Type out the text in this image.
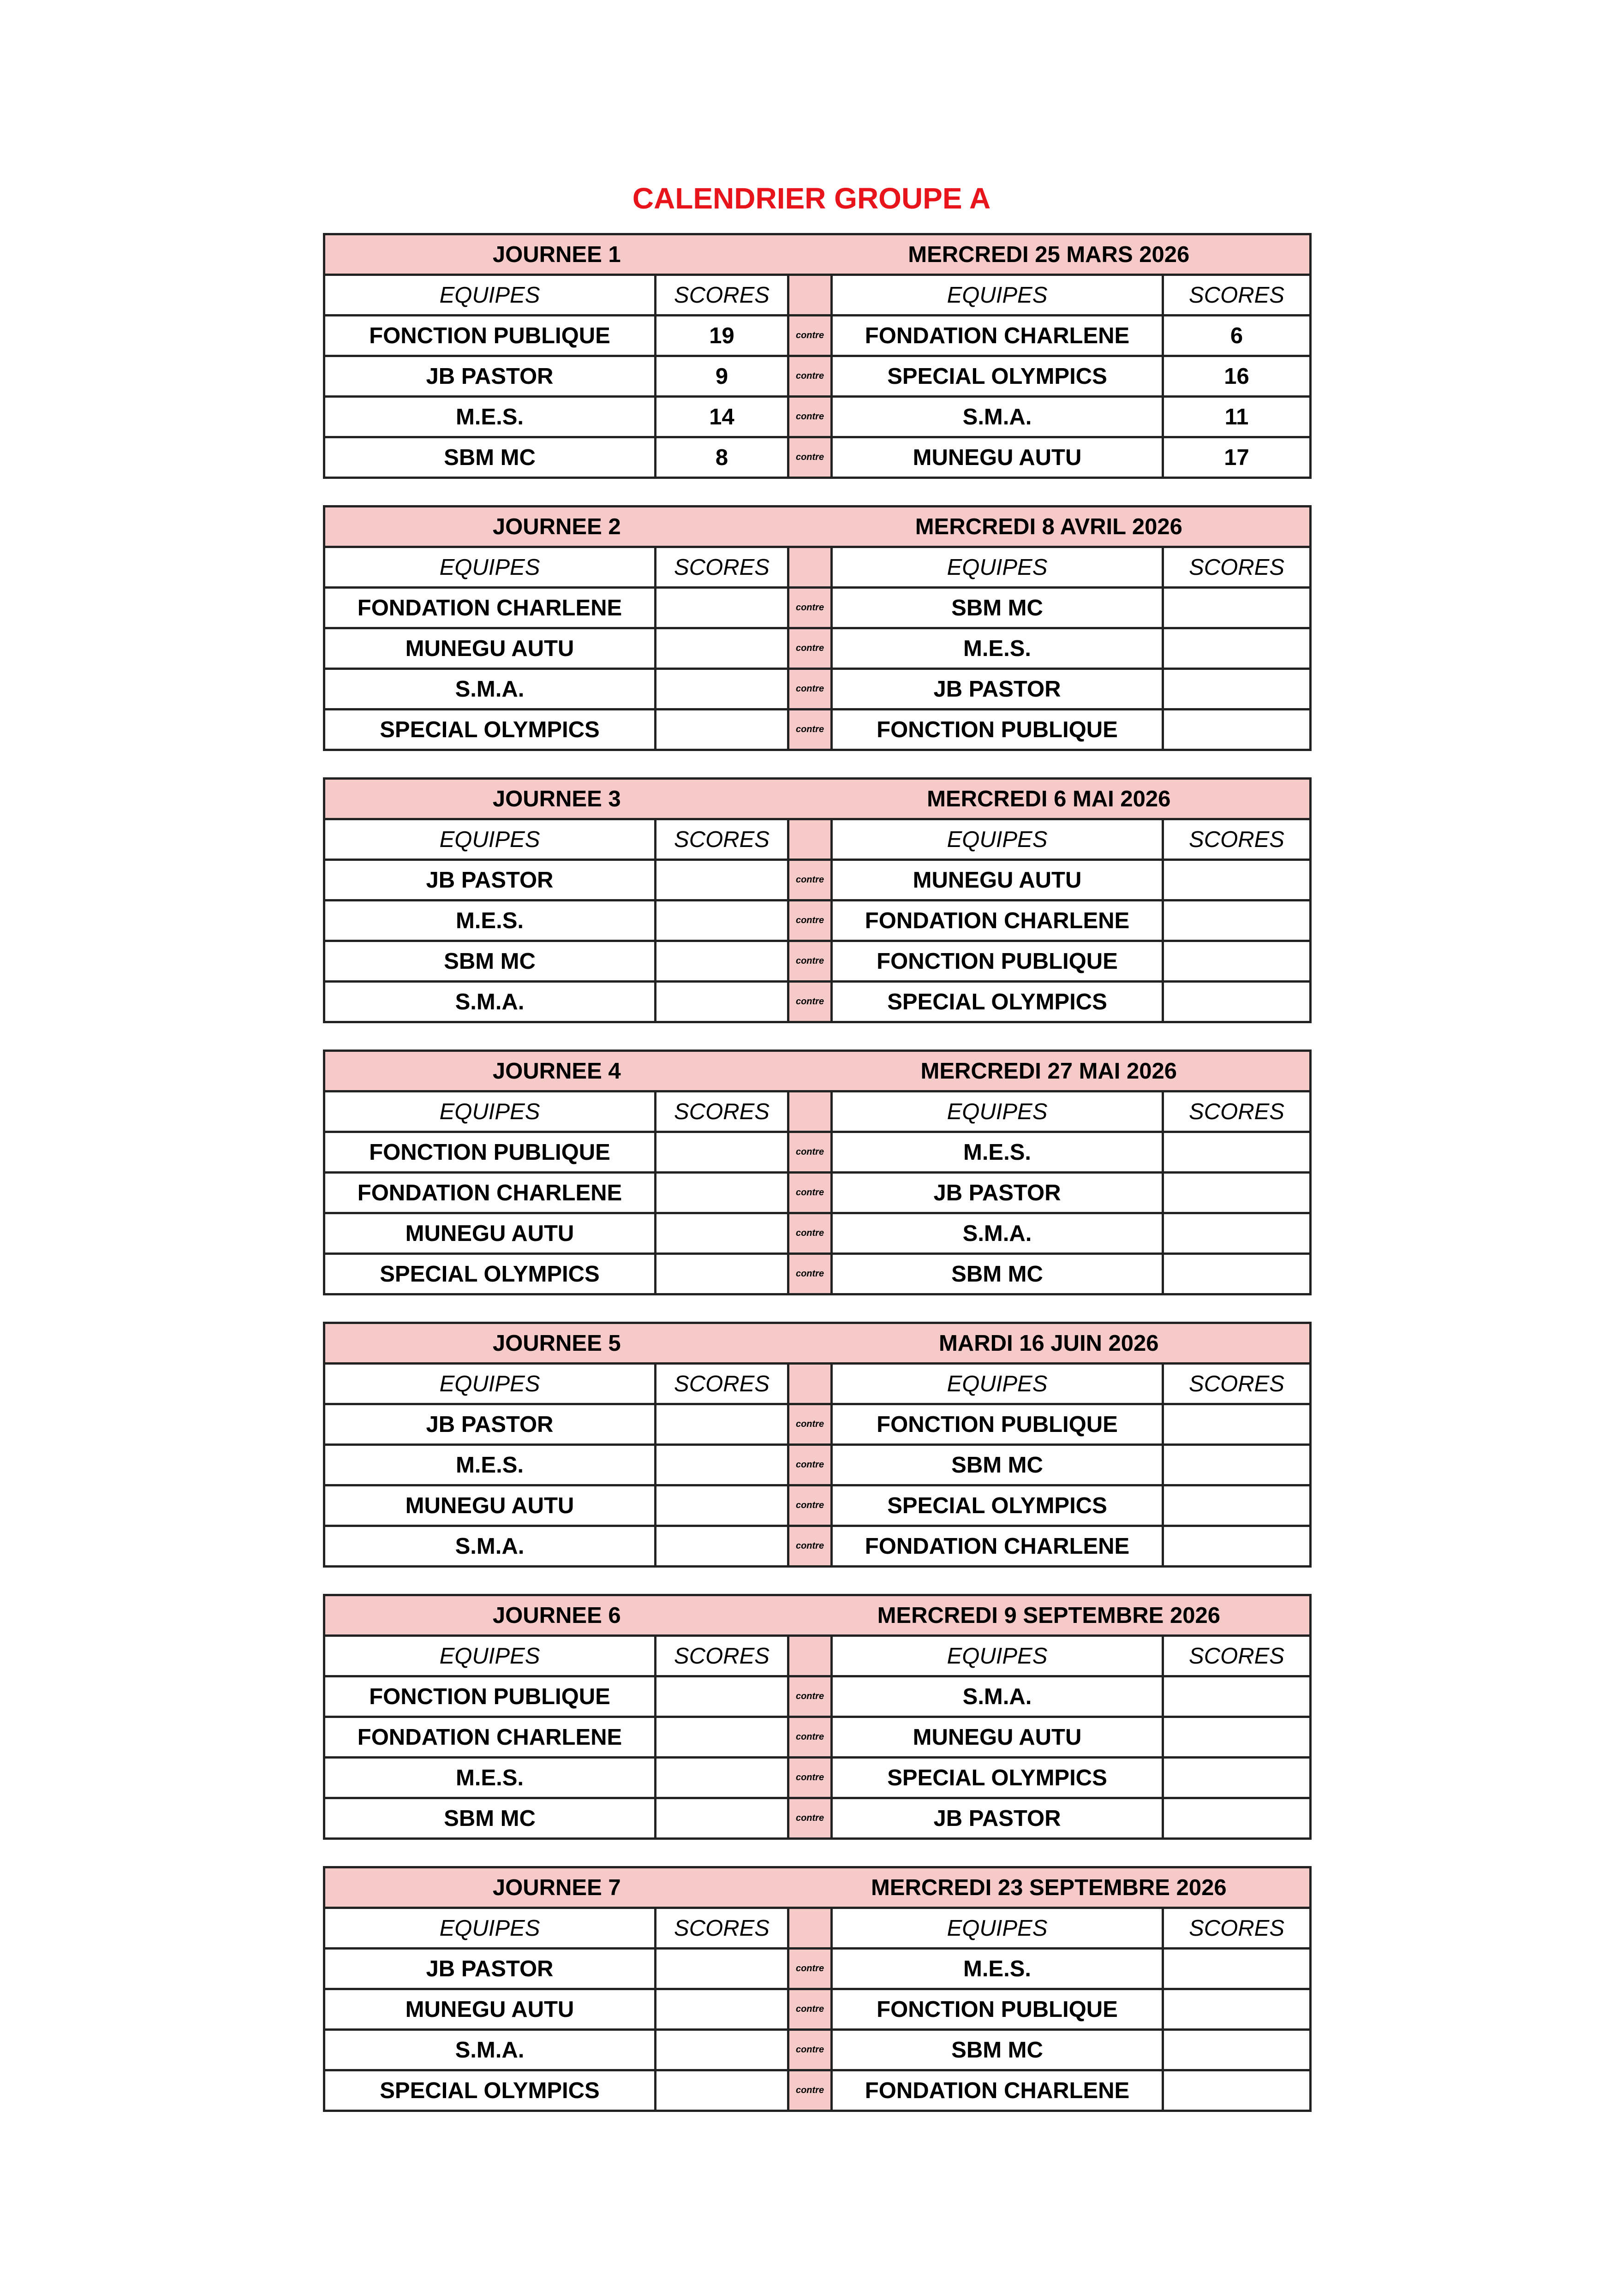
CALENDRIER GROUPE A
JOURNEE 1		MERCREDI 25 MARS 2026		
EQUIPES	SCORES		EQUIPES	SCORES
FONCTION PUBLIQUE	19	contre	FONDATION CHARLENE	6
JB PASTOR	9	contre	SPECIAL OLYMPICS	16
M.E.S.	14	contre	S.M.A.	11
SBM MC	8	contre	MUNEGU AUTU	17
JOURNEE 2		MERCREDI 8 AVRIL 2026		
EQUIPES	SCORES		EQUIPES	SCORES
FONDATION CHARLENE		contre	SBM MC	
MUNEGU AUTU		contre	M.E.S.	
S.M.A.		contre	JB PASTOR	
SPECIAL OLYMPICS		contre	FONCTION PUBLIQUE	
JOURNEE 3		MERCREDI 6 MAI 2026		
EQUIPES	SCORES		EQUIPES	SCORES
JB PASTOR		contre	MUNEGU AUTU	
M.E.S.		contre	FONDATION CHARLENE	
SBM MC		contre	FONCTION PUBLIQUE	
S.M.A.		contre	SPECIAL OLYMPICS	
JOURNEE 4		MERCREDI 27 MAI 2026		
EQUIPES	SCORES		EQUIPES	SCORES
FONCTION PUBLIQUE		contre	M.E.S.	
FONDATION CHARLENE		contre	JB PASTOR	
MUNEGU AUTU		contre	S.M.A.	
SPECIAL OLYMPICS		contre	SBM MC	
JOURNEE 5		MARDI 16 JUIN 2026		
EQUIPES	SCORES		EQUIPES	SCORES
JB PASTOR		contre	FONCTION PUBLIQUE	
M.E.S.		contre	SBM MC	
MUNEGU AUTU		contre	SPECIAL OLYMPICS	
S.M.A.		contre	FONDATION CHARLENE	
JOURNEE 6		MERCREDI 9 SEPTEMBRE 2026		
EQUIPES	SCORES		EQUIPES	SCORES
FONCTION PUBLIQUE		contre	S.M.A.	
FONDATION CHARLENE		contre	MUNEGU AUTU	
M.E.S.		contre	SPECIAL OLYMPICS	
SBM MC		contre	JB PASTOR	
JOURNEE 7		MERCREDI 23 SEPTEMBRE 2026		
EQUIPES	SCORES		EQUIPES	SCORES
JB PASTOR		contre	M.E.S.	
MUNEGU AUTU		contre	FONCTION PUBLIQUE	
S.M.A.		contre	SBM MC	
SPECIAL OLYMPICS		contre	FONDATION CHARLENE	
